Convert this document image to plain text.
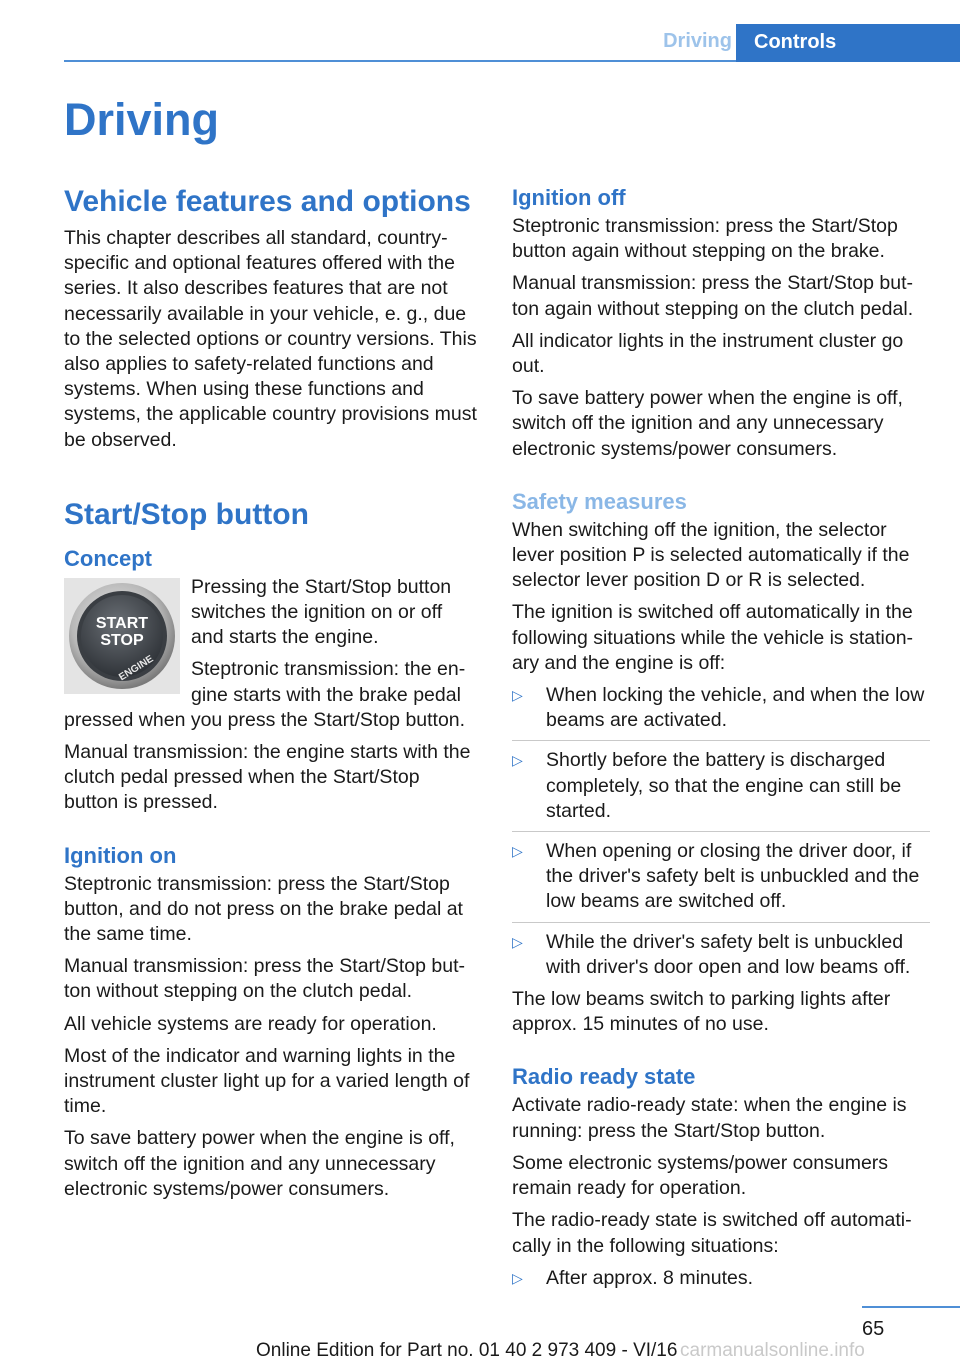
Driving	Controls
Driving
Vehicle features and options

This chapter describes all standard, country-specific and optional features offered with the series. It also describes features that are not necessarily available in your vehicle, e. g., due to the selected options or country versions. This also applies to safety-related functions and systems. When using these functions and systems, the applicable country provisions must be observed.

Start/Stop button
Concept
START
STOP
ENGINE

Pressing the Start/Stop button switches the ignition on or off and starts the engine.

Steptronic transmission: the en-gine starts with the brake pedal pressed when you press the Start/Stop button.

Manual transmission: the engine starts with the clutch pedal pressed when the Start/Stop button is pressed.

Ignition on

Steptronic transmission: press the Start/Stop button, and do not press on the brake pedal at the same time.

Manual transmission: press the Start/Stop but-ton without stepping on the clutch pedal.

All vehicle systems are ready for operation.

Most of the indicator and warning lights in the instrument cluster light up for a varied length of time.

To save battery power when the engine is off, switch off the ignition and any unnecessary electronic systems/power consumers.

Ignition off

Steptronic transmission: press the Start/Stop button again without stepping on the brake.

Manual transmission: press the Start/Stop but-ton again without stepping on the clutch pedal.

All indicator lights in the instrument cluster go out.

To save battery power when the engine is off, switch off the ignition and any unnecessary electronic systems/power consumers.

Safety measures

When switching off the ignition, the selector lever position P is selected automatically if the selector lever position D or R is selected.

The ignition is switched off automatically in the following situations while the vehicle is station-ary and the engine is off:

▷ When locking the vehicle, and when the low beams are activated.
▷ Shortly before the battery is discharged completely, so that the engine can still be started.
▷ When opening or closing the driver door, if the driver's safety belt is unbuckled and the low beams are switched off.
▷ While the driver's safety belt is unbuckled with driver's door open and low beams off.

The low beams switch to parking lights after approx. 15 minutes of no use.

Radio ready state

Activate radio-ready state: when the engine is running: press the Start/Stop button.

Some electronic systems/power consumers remain ready for operation.

The radio-ready state is switched off automati-cally in the following situations:

▷ After approx. 8 minutes.
65
Online Edition for Part no. 01 40 2 973 409 - VI/16 carmanualsonline.info
